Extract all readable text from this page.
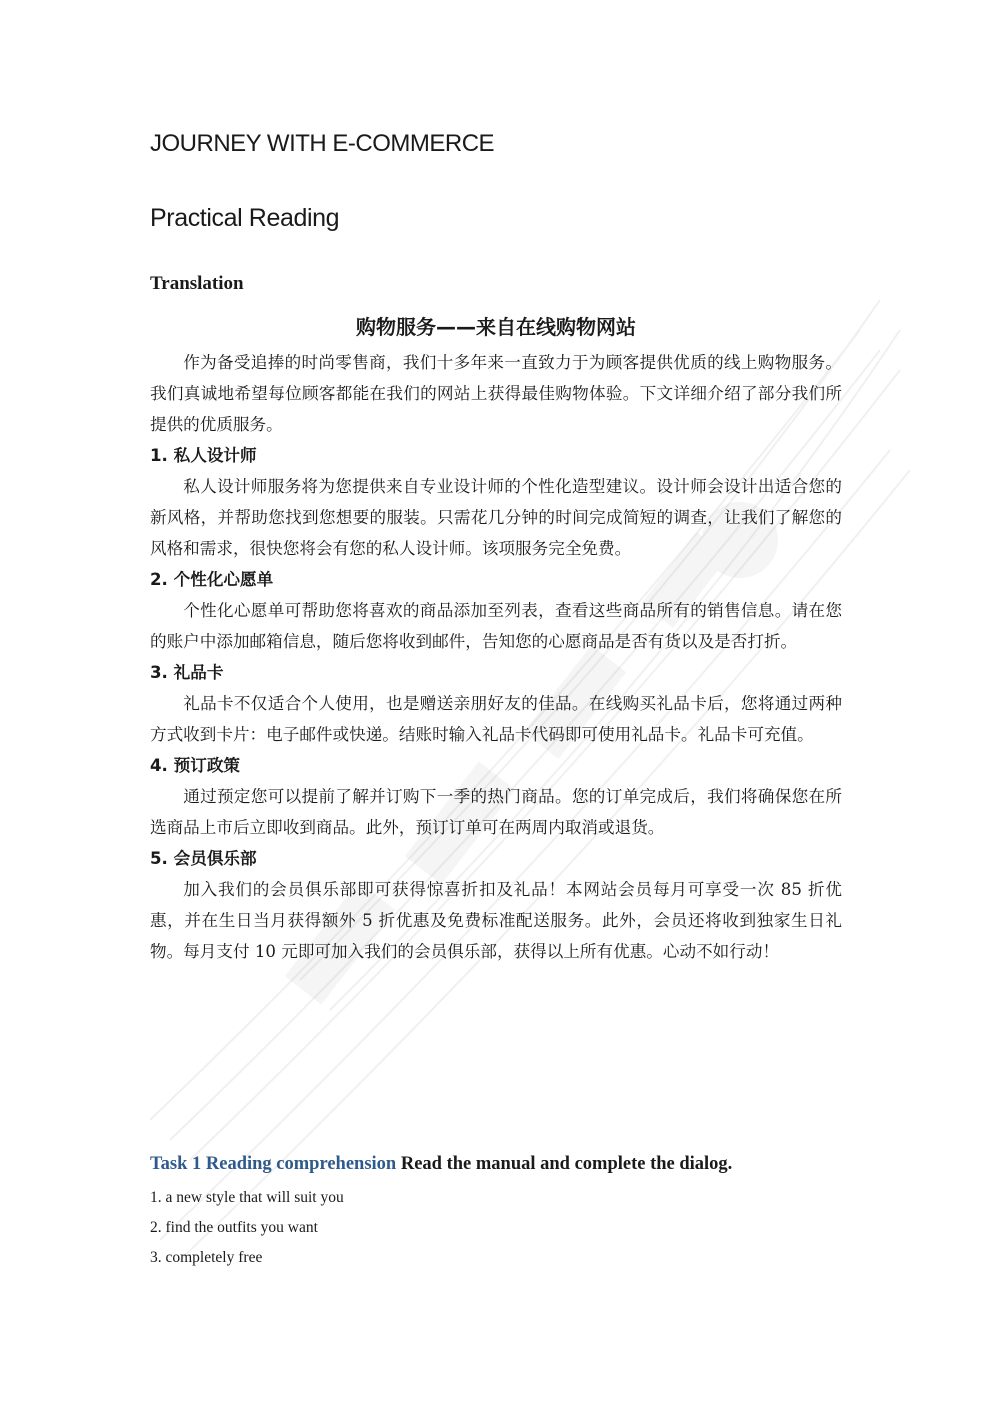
JOURNEY WITH E-COMMERCE
Practical Reading
Translation
购物服务——来自在线购物网站

作为备受追捧的时尚零售商，我们十多年来一直致力于为顾客提供优质的线上购物服务。我们真诚地希望每位顾客都能在我们的网站上获得最佳购物体验。下文详细介绍了部分我们所提供的优质服务。

1. 私人设计师

私人设计师服务将为您提供来自专业设计师的个性化造型建议。设计师会设计出适合您的新风格，并帮助您找到您想要的服装。只需花几分钟的时间完成简短的调查，让我们了解您的风格和需求，很快您将会有您的私人设计师。该项服务完全免费。

2. 个性化心愿单

个性化心愿单可帮助您将喜欢的商品添加至列表，查看这些商品所有的销售信息。请在您的账户中添加邮箱信息，随后您将收到邮件，告知您的心愿商品是否有货以及是否打折。

3. 礼品卡

礼品卡不仅适合个人使用，也是赠送亲朋好友的佳品。在线购买礼品卡后，您将通过两种方式收到卡片：电子邮件或快递。结账时输入礼品卡代码即可使用礼品卡。礼品卡可充值。

4. 预订政策

通过预定您可以提前了解并订购下一季的热门商品。您的订单完成后，我们将确保您在所选商品上市后立即收到商品。此外，预订订单可在两周内取消或退货。

5. 会员俱乐部

加入我们的会员俱乐部即可获得惊喜折扣及礼品！本网站会员每月可享受一次 85 折优惠，并在生日当月获得额外 5 折优惠及免费标准配送服务。此外，会员还将收到独家生日礼物。每月支付 10 元即可加入我们的会员俱乐部，获得以上所有优惠。心动不如行动！

Task 1 Reading comprehension Read the manual and complete the dialog.
1. a new style that will suit you
2. find the outfits you want
3. completely free
